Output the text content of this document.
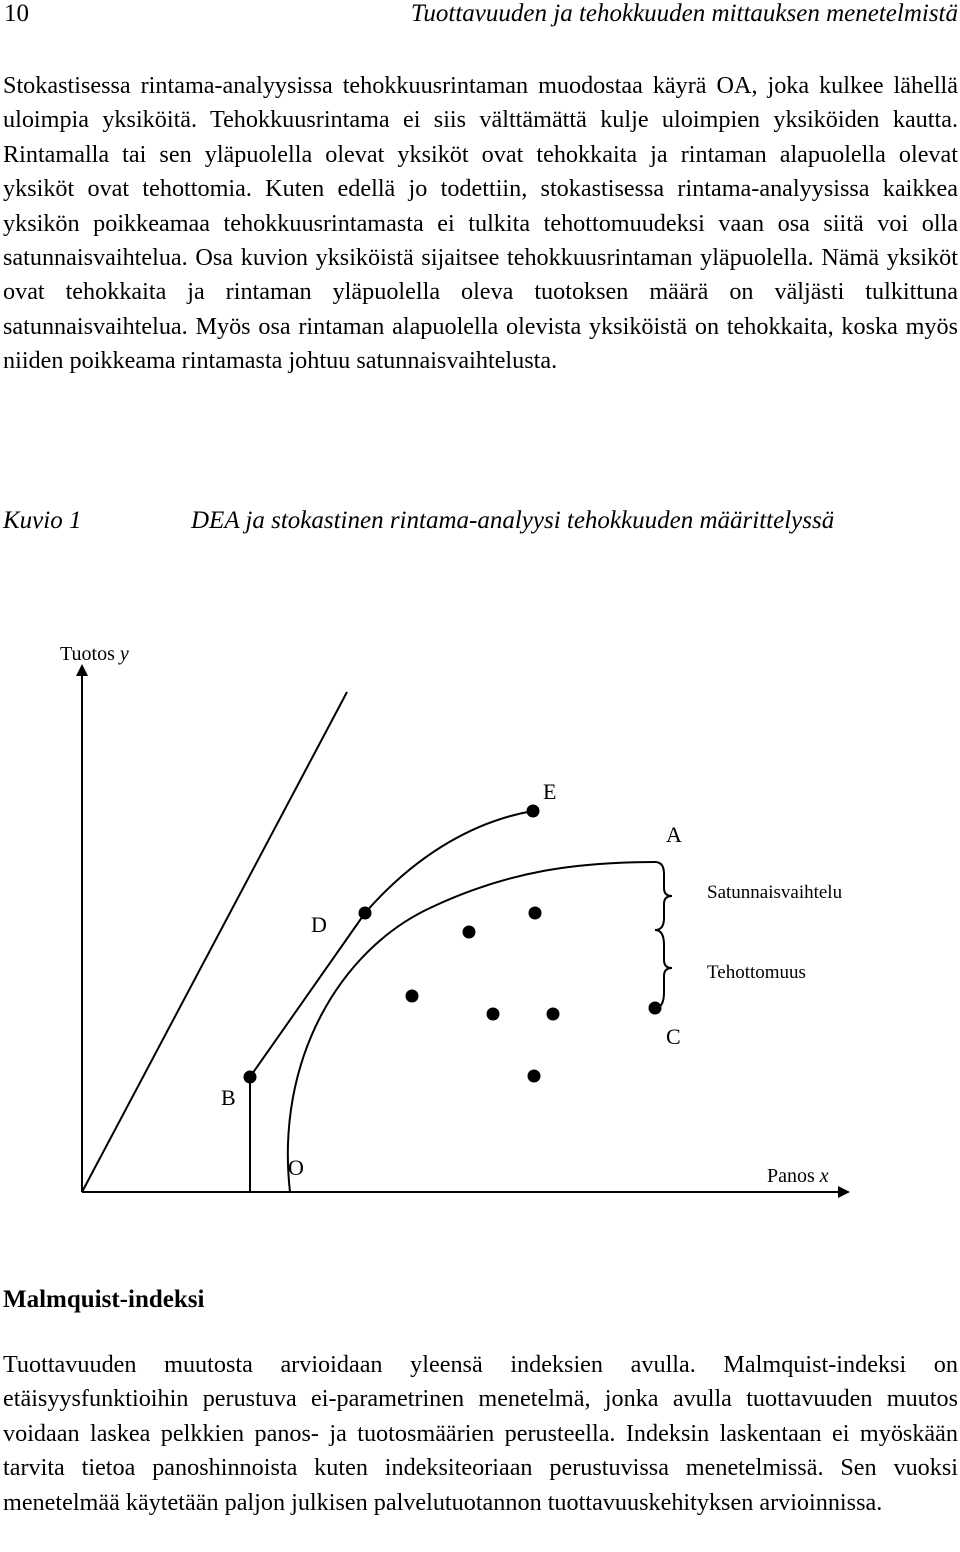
10	Tuottavuuden ja tehokkuuden mittauksen menetelmistä

Stokastisessa rintama-analyysissa tehokkuusrintaman muodostaa käyrä OA, joka kulkee lähellä uloimpia yksiköitä. Tehokkuusrintama ei siis välttämättä kulje uloimpien yksiköiden kautta. Rintamalla tai sen yläpuolella olevat yksiköt ovat tehokkaita ja rintaman alapuolella olevat yksiköt ovat tehottomia. Kuten edellä jo todettiin, stokastisessa rintama-analyysissa kaikkea yksikön poikkeamaa tehokkuusrintamasta ei tulkita tehottomuudeksi vaan osa siitä voi olla satunnaisvaihtelua. Osa kuvion yksiköistä sijaitsee tehokkuusrintaman yläpuolella. Nämä yksiköt ovat tehokkaita ja rintaman yläpuolella oleva tuotoksen määrä on väljästi tulkittuna satunnaisvaihtelua. Myös osa rintaman alapuolella olevista yksiköistä on tehokkaita, koska myös niiden poikkeama rintamasta johtuu satunnaisvaihtelusta.

Kuvio 1	DEA ja stokastinen rintama-analyysi tehokkuuden määrittelyssä
Tuotos y
Panos x
E
A
D
B
C
O
Satunnaisvaihtelu
Tehottomuus
Malmquist-indeksi

Tuottavuuden muutosta arvioidaan yleensä indeksien avulla. Malmquist-indeksi on etäisyysfunktioihin perustuva ei-parametrinen menetelmä, jonka avulla tuottavuuden muutos voidaan laskea pelkkien panos- ja tuotosmäärien perusteella. Indeksin laskentaan ei myöskään tarvita tietoa panoshinnoista kuten indeksiteoriaan perustuvissa menetelmissä. Sen vuoksi menetelmää käytetään paljon julkisen palvelutuotannon tuottavuuskehityksen arvioinnissa.
